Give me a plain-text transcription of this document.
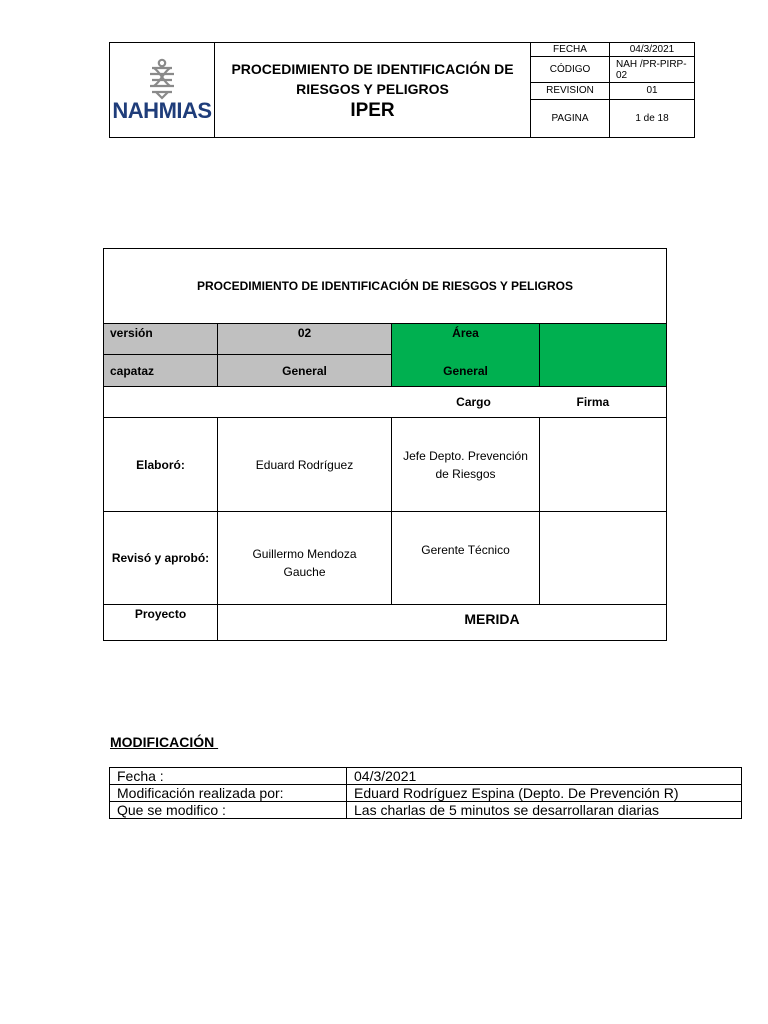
NAHMIAS	PROCEDIMIENTO DE IDENTIFICACIÓN DE RIESGOS Y PELIGROS
IPER	FECHA	04/3/2021
		CÓDIGO	NAH /PR-PIRP-02
		REVISION	01
		PAGINA	1 de 18
PROCEDIMIENTO DE IDENTIFICACIÓN DE RIESGOS Y PELIGROS			
versión	02	Área	
capataz	General	General	
		Cargo	Firma
Elaboró:	Eduard Rodríguez	Jefe Depto. Prevención de Riesgos	
Revisó y aprobó:	Guillermo Mendoza Gauche	Gerente Técnico	
Proyecto	MERIDA		
MODIFICACIÓN
Fecha :	04/3/2021
Modificación realizada por:	Eduard Rodríguez Espina (Depto. De Prevención R)
Que se modifico :	Las charlas de 5 minutos se desarrollaran diarias
